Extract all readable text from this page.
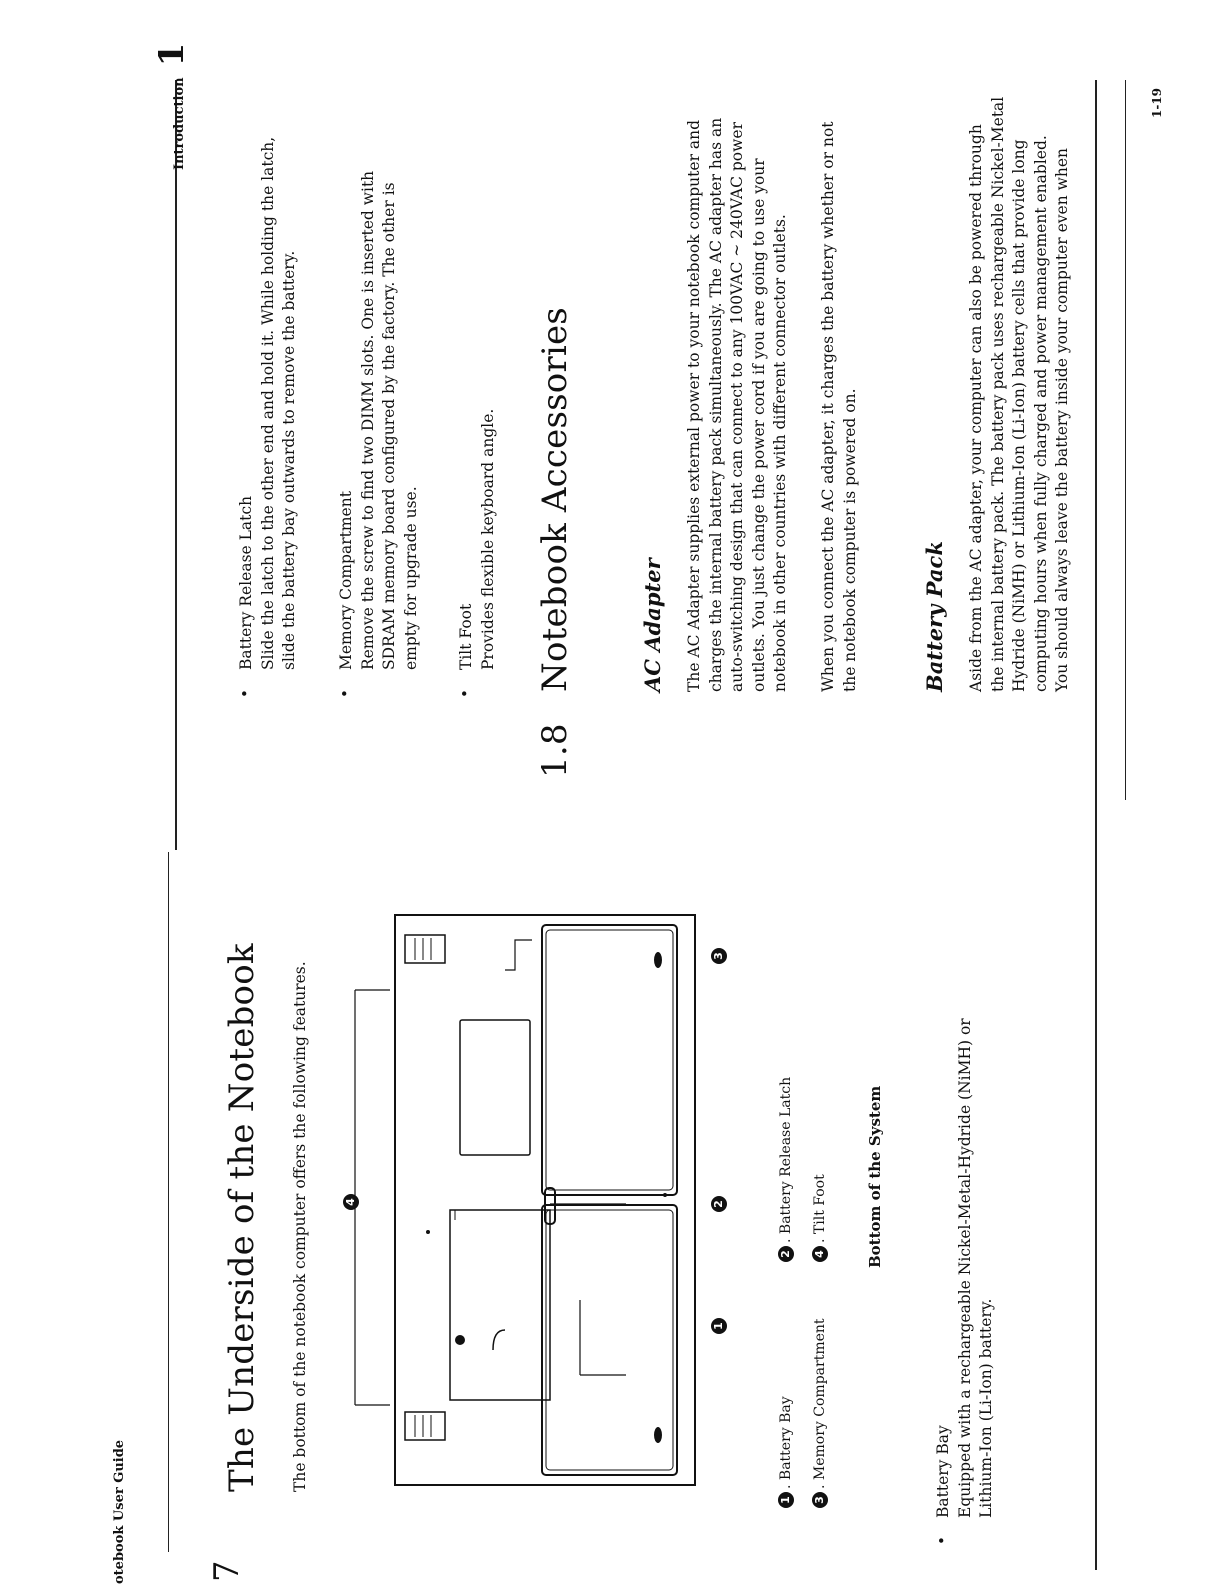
otebook User Guide 7
The Underside of the Notebook The bottom of the notebook computer offers the following features.	4
1
2
3
1. Battery Bay
2. Battery Release Latch
3. Memory Compartment
4. Tilt Foot	Bottom of the System
•
Battery Bay Equipped with a rechargeable Nickel-Metal-Hydride (NiMH) or Lithium-Ion (Li-Ion) battery.
Introduction 1
•
Battery Release Latch Slide the latch to the other end and hold it. While holding the latch, slide the battery bay outwards to remove the battery.
•
Memory Compartment Remove the screw to find two DIMM slots. One is inserted with SDRAM memory board configured by the factory. The other is empty for upgrade use.
•
Tilt Foot Provides flexible keyboard angle.
1.8
Notebook Accessories	AC Adapter The AC Adapter supplies external power to your notebook computer and charges the internal battery pack simultaneously. The AC adapter has an auto-switching design that can connect to any 100VAC ~ 240VAC power outlets. You just change the power cord if you are going to use your notebook in other countries with different connector outlets. When you connect the AC adapter, it charges the battery whether or not the notebook computer is powered on.	Battery Pack Aside from the AC adapter, your computer can also be powered through the internal battery pack. The battery pack uses rechargeable Nickel-Metal Hydride (NiMH) or Lithium-Ion (Li-Ion) battery cells that provide long computing hours when fully charged and power management enabled. You should always leave the battery inside your computer even when
1-19
